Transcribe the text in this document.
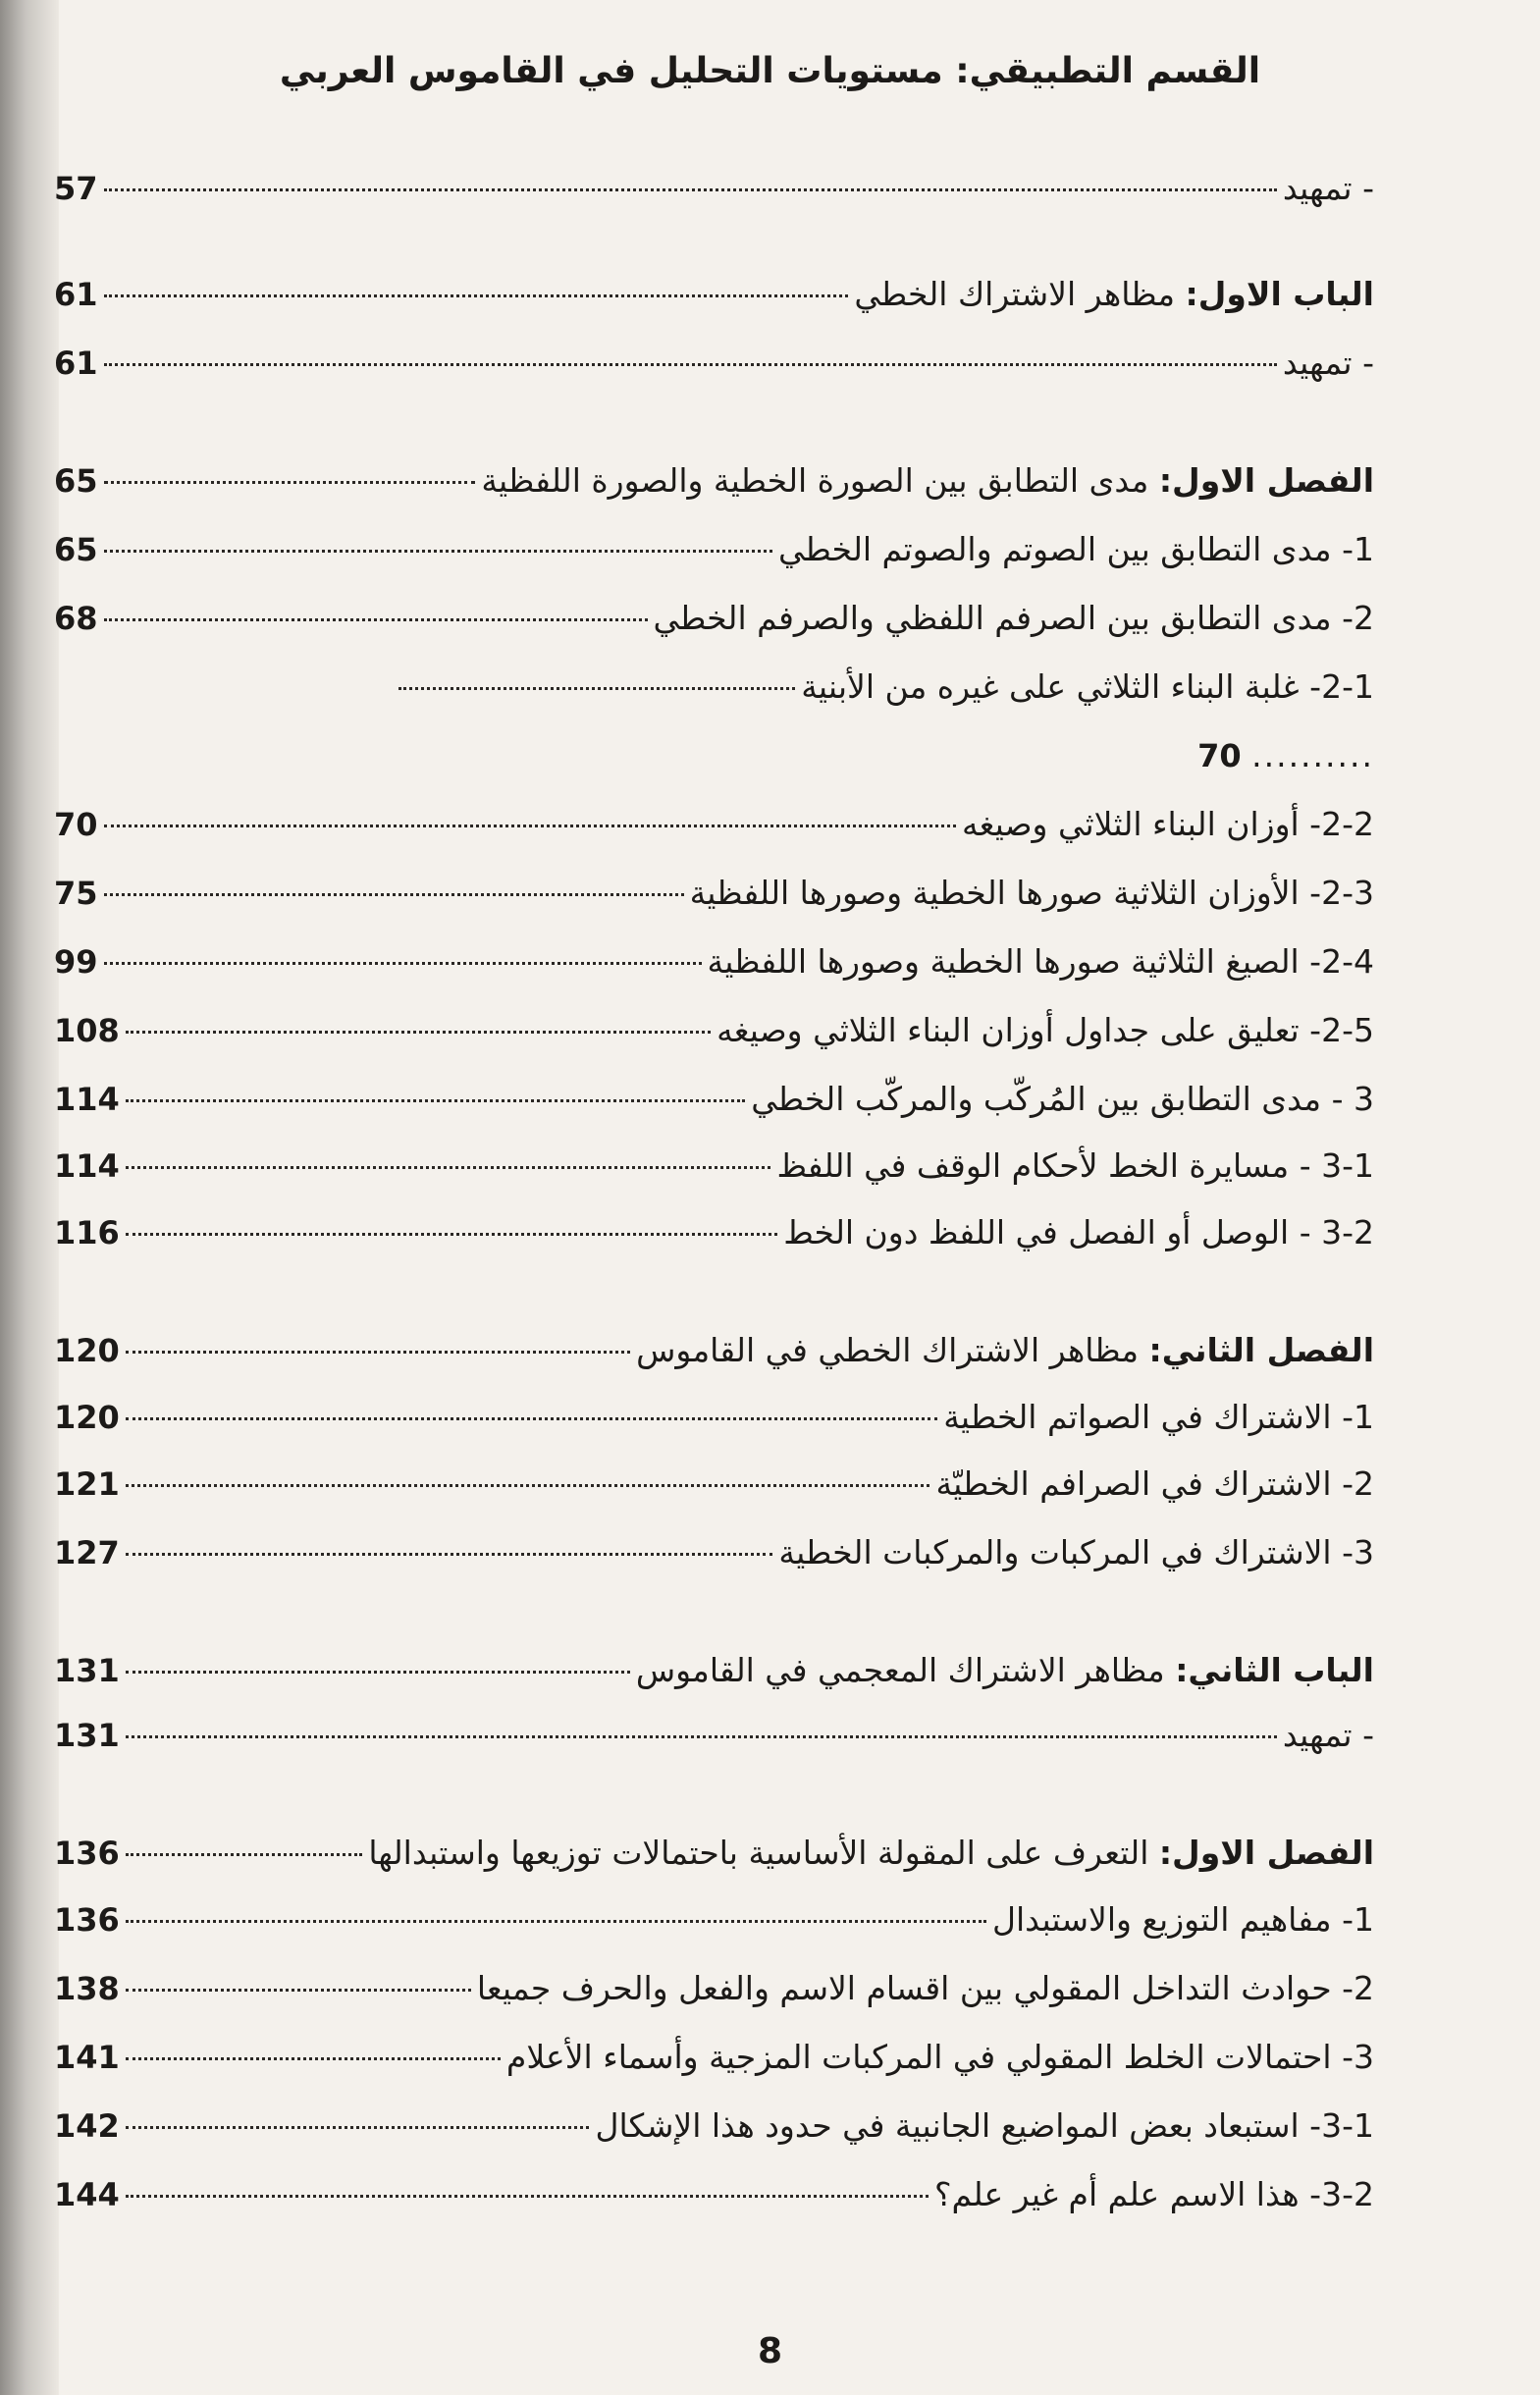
القسم التطبيقي: مستويات التحليل في القاموس العربي
- تمهيد
57
الباب الاول: مظاهر الاشتراك الخطي
61
- تمهيد
61
الفصل الاول: مدى التطابق بين الصورة الخطية والصورة اللفظية
65
1- مدى التطابق بين الصوتم والصوتم الخطي
65
2- مدى التطابق بين الصرفم اللفظي والصرفم الخطي
68
2-1- غلبة البناء الثلاثي على غيره من الأبنية
.......... 70
2-2- أوزان البناء الثلاثي وصيغه
70
2-3- الأوزان الثلاثية صورها الخطية وصورها اللفظية
75
2-4- الصيغ الثلاثية صورها الخطية وصورها اللفظية
99
2-5- تعليق على جداول أوزان البناء الثلاثي وصيغه
108
3 - مدى التطابق بين المُركّب والمركّب الخطي
114
3-1 - مسايرة الخط لأحكام الوقف في اللفظ
114
3-2 - الوصل أو الفصل في اللفظ دون الخط
116
الفصل الثاني: مظاهر الاشتراك الخطي في القاموس
120
1- الاشتراك في الصواتم الخطية
120
2- الاشتراك في الصرافم الخطيّة
121
3- الاشتراك في المركبات والمركبات الخطية
127
الباب الثاني: مظاهر الاشتراك المعجمي في القاموس
131
- تمهيد
131
الفصل الاول: التعرف على المقولة الأساسية باحتمالات توزيعها واستبدالها
136
1- مفاهيم التوزيع والاستبدال
136
2- حوادث التداخل المقولي بين اقسام الاسم والفعل والحرف جميعا
138
3- احتمالات الخلط المقولي في المركبات المزجية وأسماء الأعلام
141
3-1- استبعاد بعض المواضيع الجانبية في حدود هذا الإشكال
142
3-2- هذا الاسم علم أم غير علم؟
144
8
